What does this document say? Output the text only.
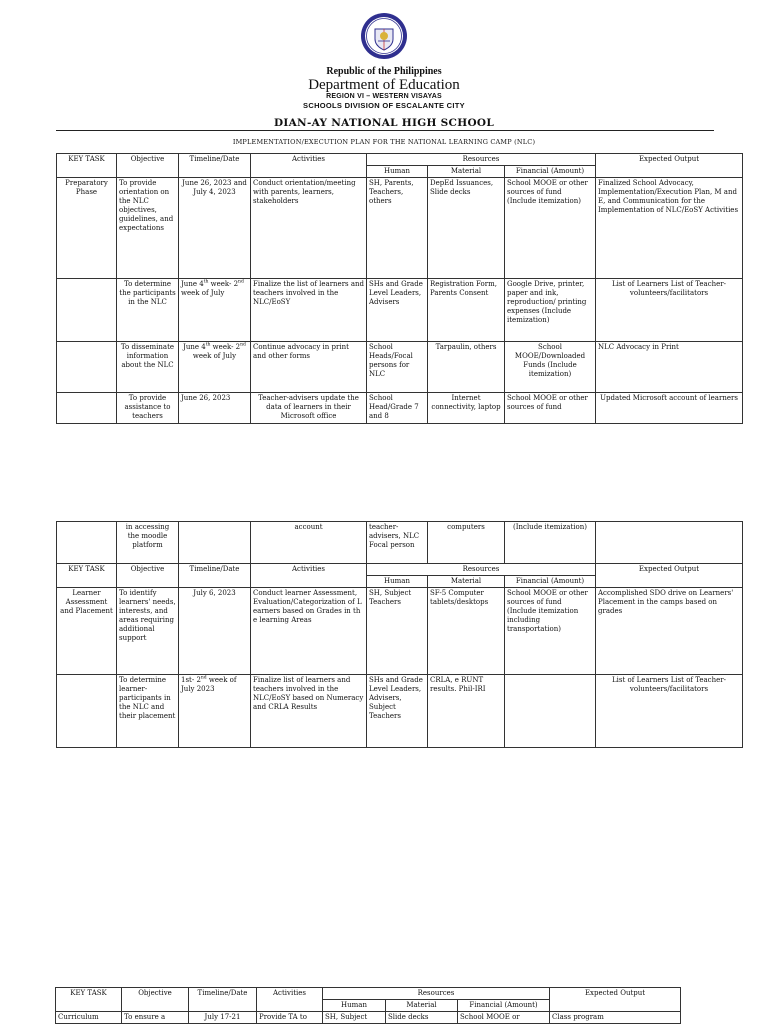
Republic of the Philippines

Department of Education

REGION VI – WESTERN VISAYAS

SCHOOLS DIVISION OF ESCALANTE CITY

DIAN-AY NATIONAL HIGH SCHOOL

IMPLEMENTATION/EXECUTION PLAN FOR THE NATIONAL LEARNING CAMP (NLC)

KEY TASK	Objective	Timeline/Date	Activities	Resources			Expected Output
				Human	Material	Financial (Amount)	
Preparatory Phase	To provide orientation on the NLC objectives, guidelines, and expectations	June 26, 2023 and July 4, 2023	Conduct orientation/meeting with parents, learners, stakeholders	SH, Parents, Teachers, others	DepEd Issuances, Slide decks	School MOOE or other sources of fund (Include itemization)	Finalized School Advocacy, Implementation/Execution Plan, M and E, and Communication for the Implementation of NLC/EoSY Activities
	To determine the participants in the NLC	June 4th week- 2nd week of July	Finalize the list of learners and teachers involved in the NLC/EoSY	SHs and Grade Level Leaders, Advisers	Registration Form, Parents Consent	Google Drive, printer, paper and ink, reproduction/ printing expenses (Include itemization)	List of Learners List of Teacher-volunteers/facilitators
	To disseminate information about the NLC	June 4th week- 2nd week of July	Continue advocacy in print and other forms	School Heads/Focal persons for NLC	Tarpaulin, others	School MOOE/Downloaded Funds (Include itemization)	NLC Advocacy in Print
	To provide assistance to teachers	June 26, 2023	Teacher-advisers update the data of learners in their Microsoft office	School Head/Grade 7 and 8	Internet connectivity, laptop	School MOOE or other sources of fund	Updated Microsoft account of learners
	in accessing the moodle platform		account	teacher-advisers, NLC Focal person	computers	(Include itemization)	
KEY TASK	Objective	Timeline/Date	Activities	Resources			Expected Output
				Human	Material	Financial (Amount)	
Learner Assessment and Placement	To identify learners' needs, interests, and areas requiring additional support	July 6, 2023	Conduct learner Assessment, Evaluation/Categorization of Learners based on Grades in the learning Areas	SH, Subject Teachers	SF-5 Computer tablets/desktops	School MOOE or other sources of fund (Include itemization including transportation)	Accomplished SDO drive on Learners' Placement in the camps based on grades
	To determine learner-participants in the NLC and their placement	1st- 2nd week of July 2023	Finalize list of learners and teachers involved in the NLC/EoSY based on Numeracy and CRLA Results	SHs and Grade Level Leaders, Advisers, Subject Teachers	CRLA, e RUNT results. Phil-IRI		List of Learners List of Teacher-volunteers/facilitators
KEY TASK	Objective	Timeline/Date	Activities	Resources			Expected Output
				Human	Material	Financial (Amount)	
Curriculum	To ensure a	July 17-21	Provide TA to	SH, Subject	Slide decks	School MOOE or	Class program
